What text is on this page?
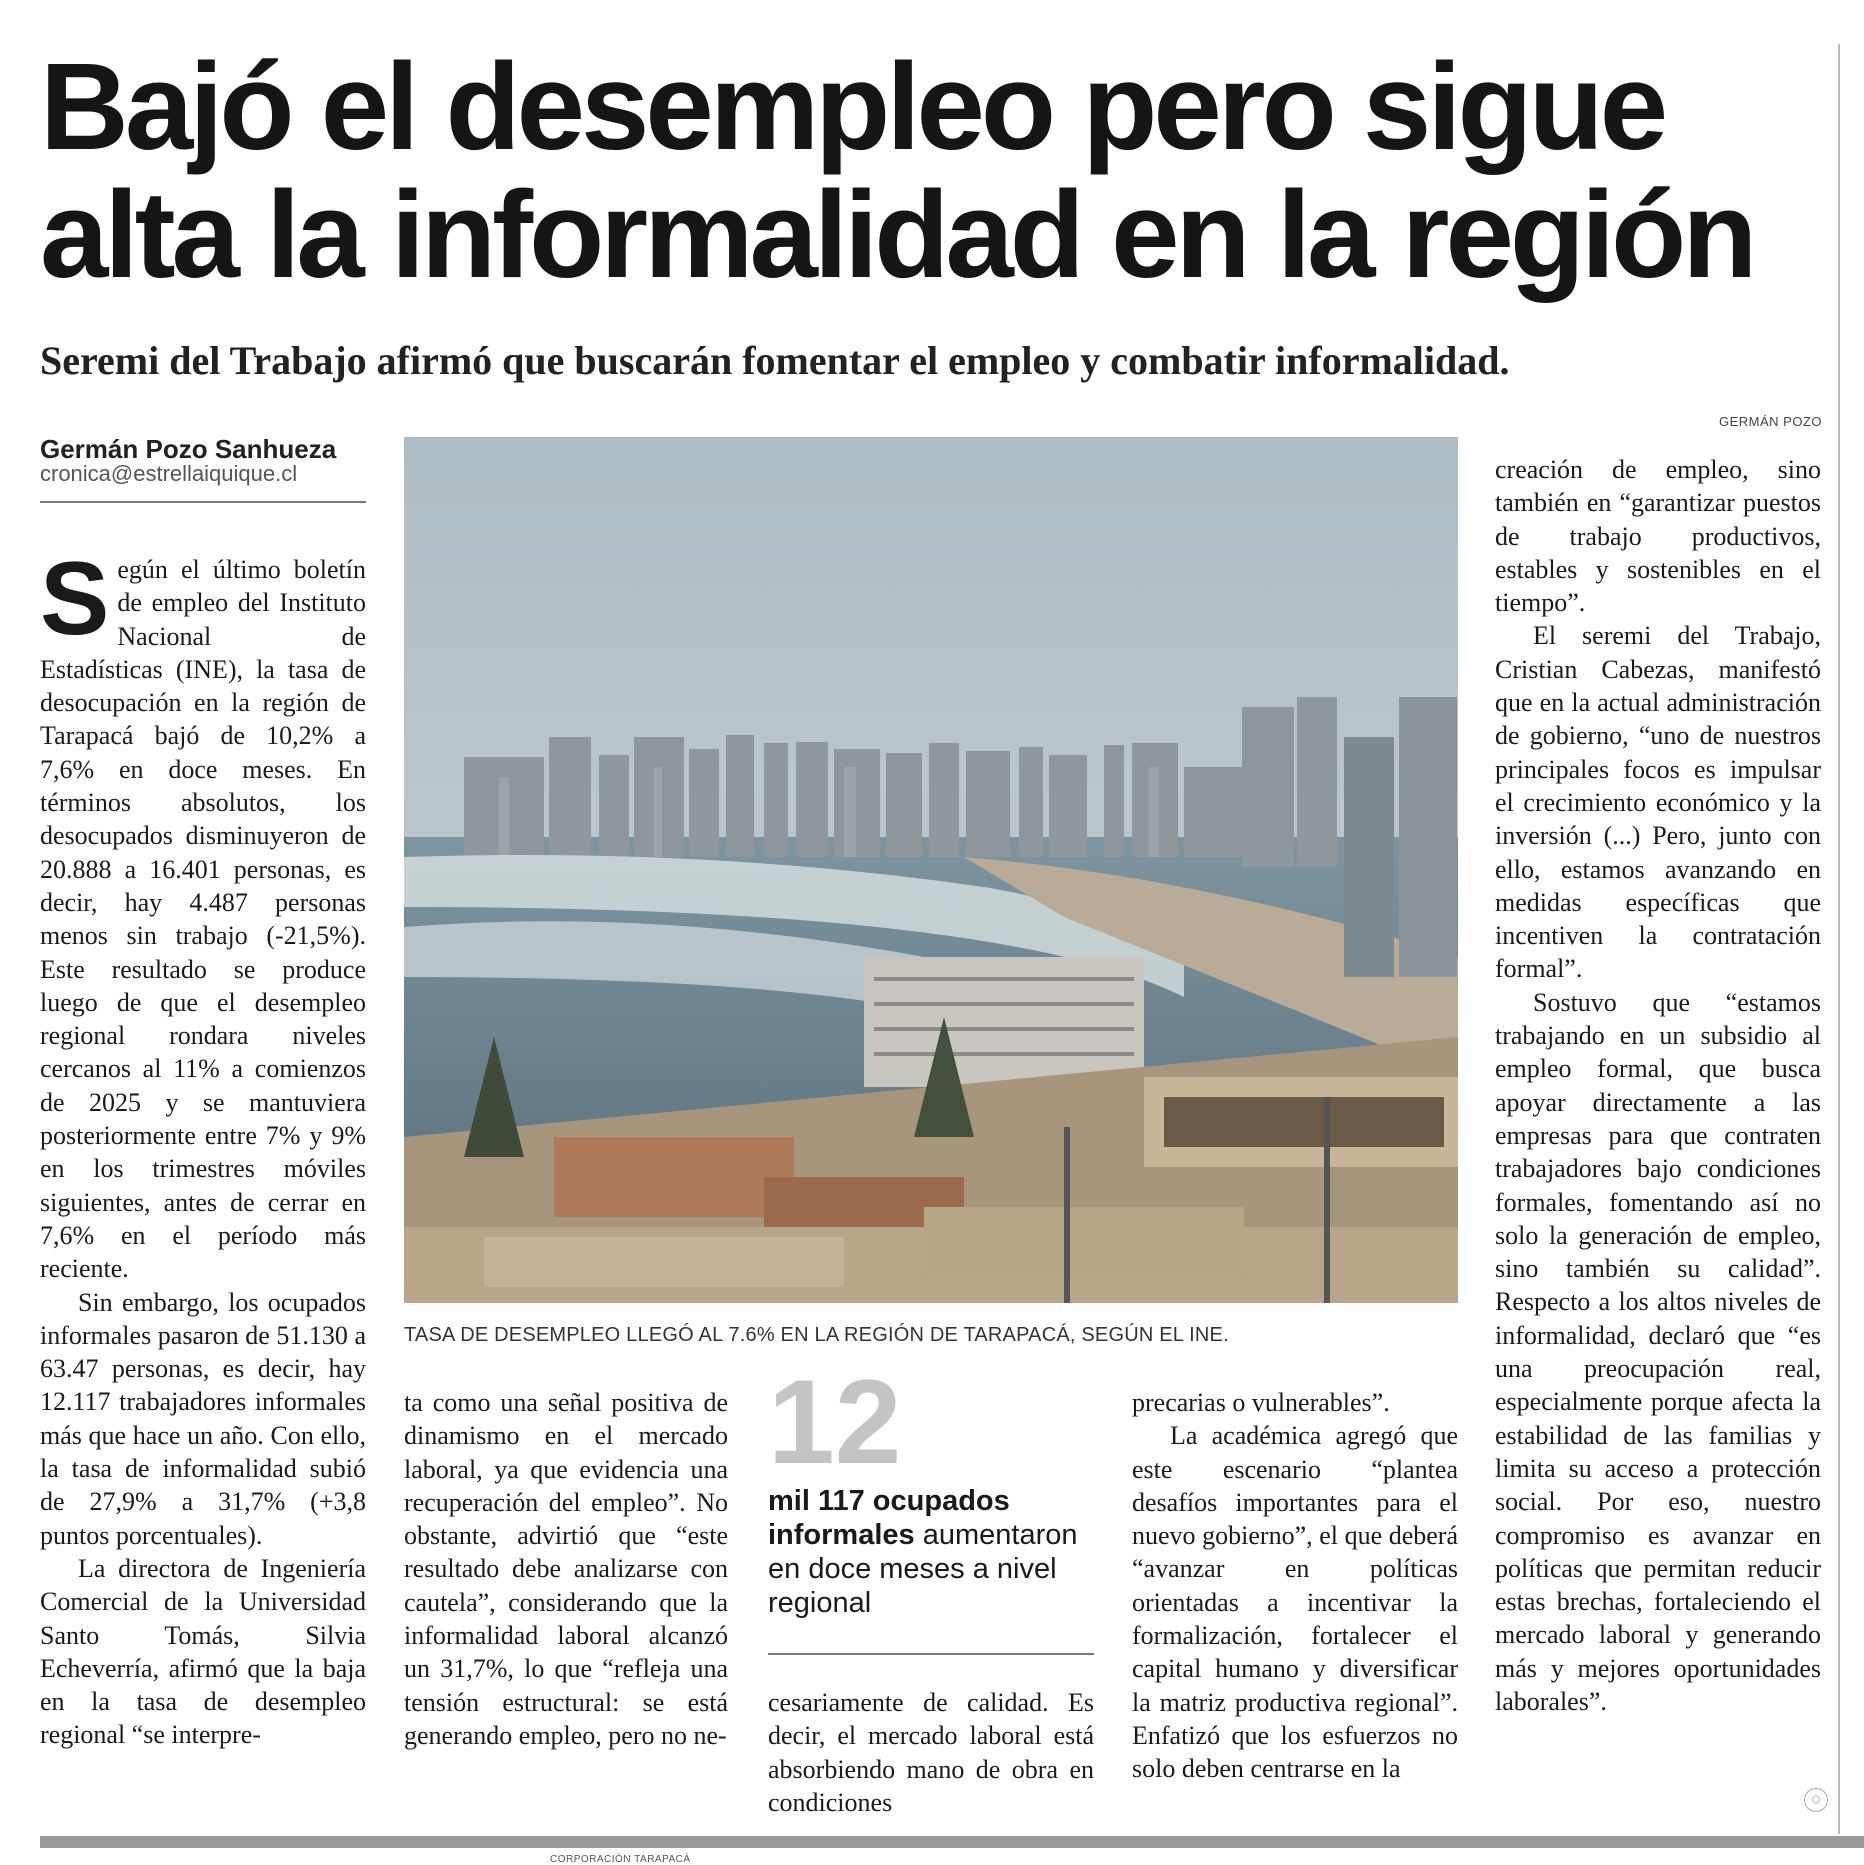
Bajó el desempleo pero sigue
alta la informalidad en la región
Seremi del Trabajo afirmó que buscarán fomentar el empleo y combatir informalidad.
GERMÁN POZO
Germán Pozo Sanhueza
cronica@estrellaiquique.cl

Según el último boletín de empleo del Instituto Nacional de Estadísticas (INE), la tasa de desocupación en la región de Tarapacá bajó de 10,2% a 7,6% en doce meses. En términos absolutos, los desocupados disminuyeron de 20.888 a 16.401 personas, es decir, hay 4.487 personas menos sin trabajo (-21,5%). Este resultado se produce luego de que el desempleo regional rondara niveles cercanos al 11% a comienzos de 2025 y se mantuviera posteriormente entre 7% y 9% en los trimestres móviles siguientes, antes de cerrar en 7,6% en el período más reciente.

Sin embargo, los ocupados informales pasaron de 51.130 a 63.47 personas, es decir, hay 12.117 trabajadores informales más que hace un año. Con ello, la tasa de informalidad subió de 27,9% a 31,7% (+3,8 puntos porcentuales).

La directora de Ingeniería Comercial de la Universidad Santo Tomás, Silvia Echeverría, afirmó que la baja en la tasa de desempleo regional “se interpre-

TASA DE DESEMPLEO LLEGÓ AL 7.6% EN LA REGIÓN DE TARAPACÁ, SEGÚN EL INE.

ta como una señal positiva de dinamismo en el mercado laboral, ya que evidencia una recuperación del empleo”. No obstante, advirtió que “este resultado debe analizarse con cautela”, considerando que la informalidad laboral alcanzó un 31,7%, lo que “refleja una tensión estructural: se está generando empleo, pero no ne-

12
mil 117 ocupados informales aumentaron en doce meses a nivel regional

cesariamente de calidad. Es decir, el mercado laboral está absorbiendo mano de obra en condiciones

precarias o vulnerables”.

La académica agregó que este escenario “plantea desafíos importantes para el nuevo gobierno”, el que deberá “avanzar en políticas orientadas a incentivar la formalización, fortalecer el capital humano y diversificar la matriz productiva regional”. Enfatizó que los esfuerzos no solo deben centrarse en la

creación de empleo, sino también en “garantizar puestos de trabajo productivos, estables y sostenibles en el tiempo”.

El seremi del Trabajo, Cristian Cabezas, manifestó que en la actual administración de gobierno, “uno de nuestros principales focos es impulsar el crecimiento económico y la inversión (...) Pero, junto con ello, estamos avanzando en medidas específicas que incentiven la contratación formal”.

Sostuvo que “estamos trabajando en un subsidio al empleo formal, que busca apoyar directamente a las empresas para que contraten trabajadores bajo condiciones formales, fomentando así no solo la generación de empleo, sino también su calidad”. Respecto a los altos niveles de informalidad, declaró que “es una preocupación real, especialmente porque afecta la estabilidad de las familias y limita su acceso a protección social. Por eso, nuestro compromiso es avanzar en políticas que permitan reducir estas brechas, fortaleciendo el mercado laboral y generando más y mejores oportunidades laborales”.

✩
CORPORACIÓN TARAPACÁ
